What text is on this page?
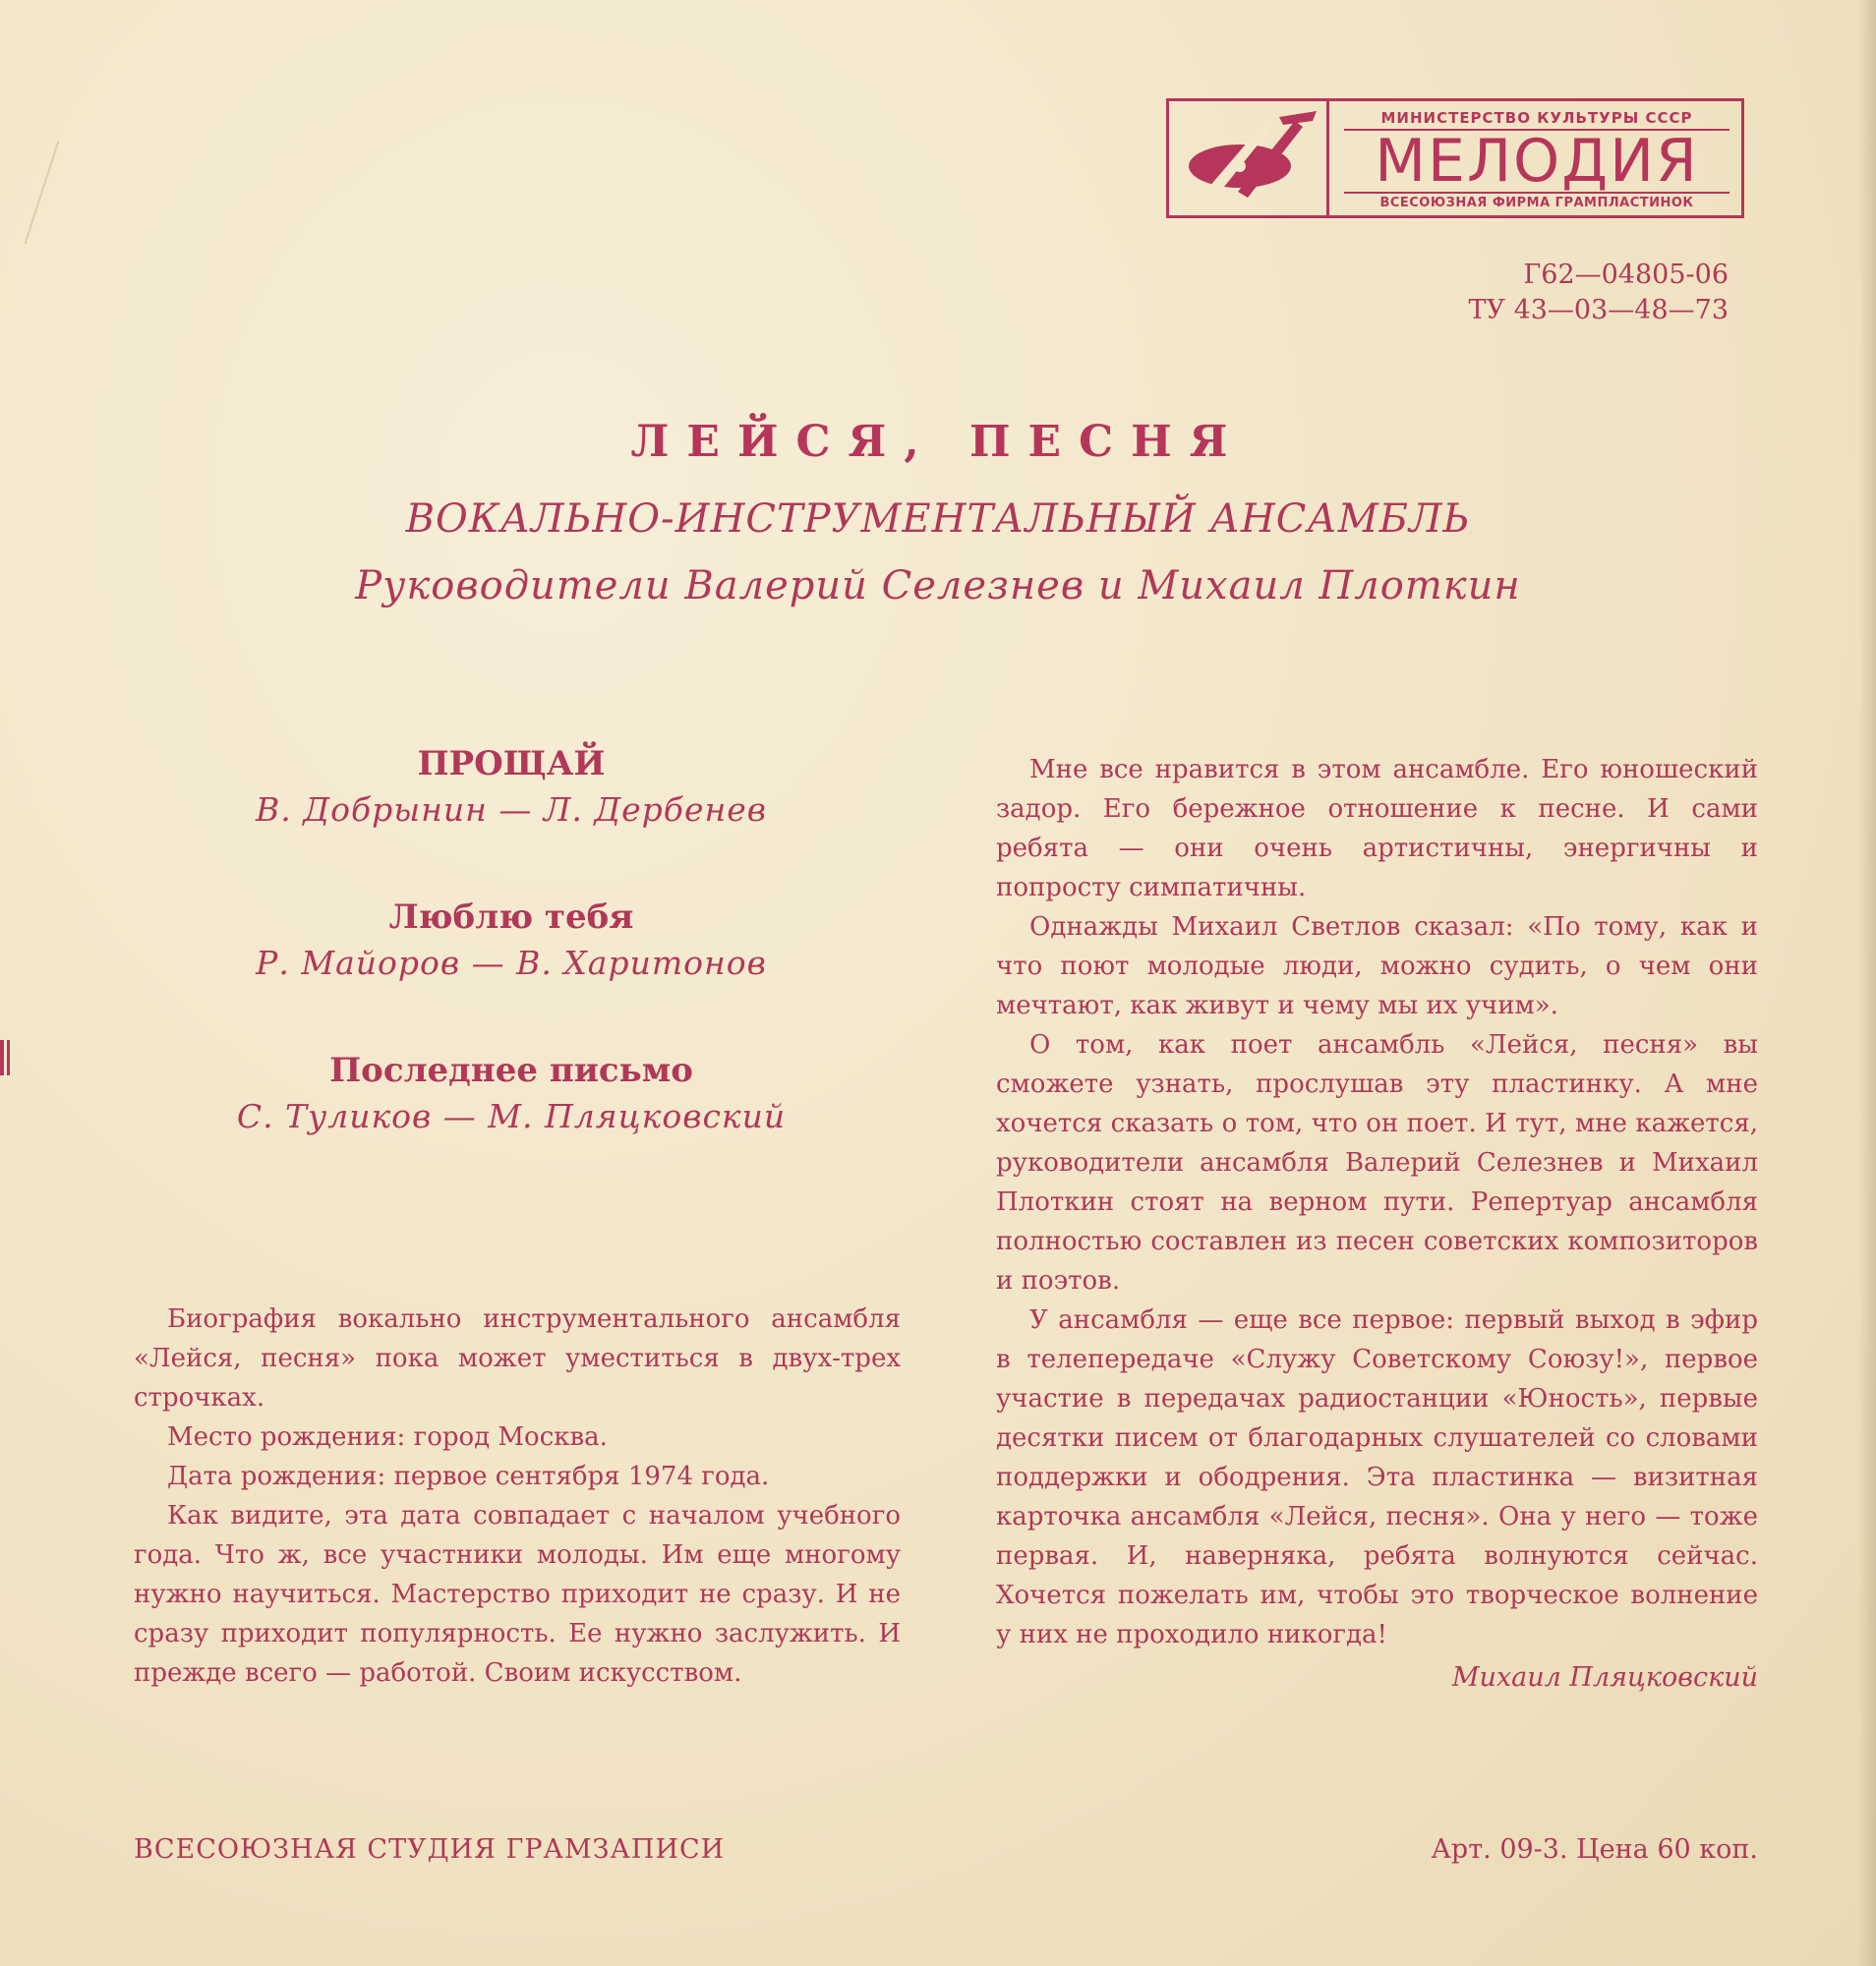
МИНИСТЕРСТВО КУЛЬТУРЫ СССР
МЕЛОДИЯ
ВСЕСОЮЗНАЯ ФИРМА ГРАМПЛАСТИНОК
Г62—04805-06
ТУ 43—03—48—73
ЛЕЙСЯ, ПЕСНЯ
ВОКАЛЬНО-ИНСТРУМЕНТАЛЬНЫЙ АНСАМБЛЬ
Руководители Валерий Селезнев и Михаил Плоткин
ПРОЩАЙ
В. Добрынин — Л. Дербенев
Люблю тебя
Р. Майоров — В. Харитонов
Последнее письмо
С. Туликов — М. Пляцковский

Биография вокально инструментального ансамбля «Лейся, песня» пока может уместиться в двух-трех строчках.

Место рождения: город Москва.

Дата рождения: первое сентября 1974 года.

Как видите, эта дата совпадает с началом учебного года. Что ж, все участники молоды. Им еще многому нужно научиться. Мастерство приходит не сразу. И не сразу приходит популярность. Ее нужно заслужить. И прежде всего — работой. Своим искусством.

Мне все нравится в этом ансамбле. Его юношеский задор. Его бережное отношение к песне. И сами ребята — они очень артистичны, энергичны и попросту симпатичны.

Однажды Михаил Светлов сказал: «По тому, как и что поют молодые люди, можно судить, о чем они мечтают, как живут и чему мы их учим».

О том, как поет ансамбль «Лейся, песня» вы сможете узнать, прослушав эту пластинку. А мне хочется сказать о том, что он поет. И тут, мне кажется, руководители ансамбля Валерий Селезнев и Михаил Плоткин стоят на верном пути. Репертуар ансамбля полностью составлен из песен советских композиторов и поэтов.

У ансамбля — еще все первое: первый выход в эфир в телепередаче «Служу Советскому Союзу!», первое участие в передачах радиостанции «Юность», первые десятки писем от благодарных слушателей со словами поддержки и ободрения. Эта пластинка — визитная карточка ансамбля «Лейся, песня». Она у него — тоже первая. И, наверняка, ребята волнуются сейчас. Хочется пожелать им, чтобы это творческое волнение у них не проходило никогда!

Михаил Пляцковский
ВСЕСОЮЗНАЯ СТУДИЯ ГРАМЗАПИСИ	Арт. 09-3. Цена 60 коп.
